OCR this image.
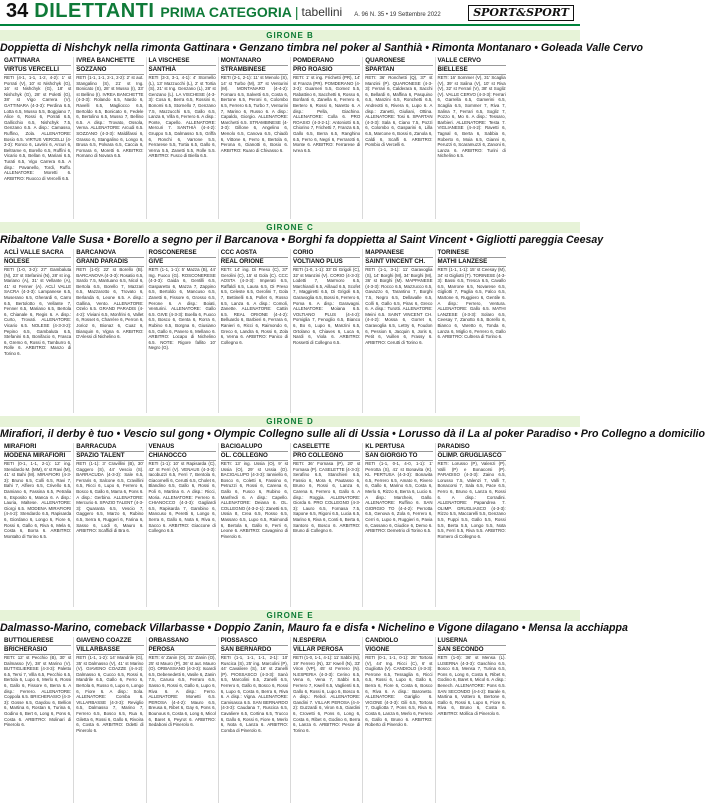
34 DILETTANTI PRIMA CATEGORIA | tabellini A. 96 N. 35 • 19 Settembre 2022	SPORT&SPORT
GIRONE B
Doppietta di Nishchyk nella rimonta Gattinara • Genzano timbra nel poker al Santhià • Rimonta Montanaro • Goleada Valle Cervo
GATTINARA
VIRTUS VERCELLI
RETI (4-1, 1-1, 1-2, 4-2): 1' st Porrati (V), 10' st Nishchyk (G), 16' st Nishchyk (G), 18' st Nishchyk (G), 28' st Poletti (G), 38' st Vigo Carrera (V). GATTINARA (4-3-3): Perdina 6.5, Lotta 6.5, Musso 5.5, Boggiano 7, Alice 6, Rossi 6, Porrati 6.5, Gallicchio 6.5, Nishchyk 7.5, Genzano 6.5. A disp.: Camasso, Ruffino, Zola. ALLENATORE: Bosio 6.5. VIRTUS VERCELLI (4-3-3): Ronco 6, Lavrini 6, Arcuri 6, Beltrame 6, Borello 6.5, Ruffini 6, Vicario 6.5, Bellan 6, Mariani 6.5, Turati 6.5, Vigo Carrera 6.5. A disp.: Pavanello, Tordi, Ruffo. ALLENATORE: Moretti 6. ARBITRO: Ruocco di Vercelli 6.5.
IVREA BANCHETTE
SOZZANO
RETI (1-1, 1-1, 2-1, 2-2): 2' st aut. Stangalino (S), 21' st Ing. Bonicato (S), 28' st Musso (I), 33' st Bellino (I). IVREA BANCHETTE (4-3-3): Rolando 6.5, Nardo 6, Ravelli 6.5, Magliocco 6.5, Bertoldo 6.5, Bonicato 6, Fedele 6, Bertolino 6.5, Musso 7, Bellino 6.5. A disp.: Trovato, Ossola, Verna. ALLENATORE: Arcudi 6.5. SOZZANO (4-3-3): Maldifassi 6, Grasso 6, Stangalino 6, Longo 6, Brusa 6.5, Polvara 6.5, Caccia 6, Fornara 6, Moretti 6. ARBITRO: Romano di Novara 6.5.
LA VISCHESE
SANTHIÀ
RETI (3-3, 3-1, 4-1): 4' Stornello (L), 13' Mazzucchi (L), 2' st Tortia (S), 21' st Ing. Genzano (L), 28' st Genzano (L). LA VISCHESE (4-3-3): Cosa 6, Berra 6.5, Rossini 6, Bonomi 6.5, Stornello 7, Genzano 7.5, Mazzucchi 6.5, Gallo 6.5, Lanza 6, Villa 6, Ferrero 6. A disp.: Ponte, Capello. ALLENATORE: Mercuri 7. SANTHIÀ (4-4-2): Gruppo 5.5, Dalmasso 5.5, Griffa 6, Ronchi 6, Varrone 5.5, Ferrarese 5.5, Tortia 6.5, Gallo 6, Verna 5.5, Zanetti 5.5, Rolle 5.5. ARBITRO: Fusco di Biella 6.5.
MONTANARO
STRAMBINESE
RETI (2-1, 2-1): 11' st Menolo (S), 14' st Turbo (M), 37' st Venturini (M). MONTANARO (4-4-2): Fornaro 6.5, Salvetti 6.5, Costa 6, Bertone 6.5, Peroni 6, Colombo 6.5, Ferrero 6.5, Turbo 7, Venturini 7, Marino 6, Russo 6. A disp.: Capaldo, Giorgio. ALLENATORE: Marchetti 6.5. STRAMBINESE (4-3-3): Gillone 6, Angelino 6, Menolo 6.5, Canova 6.5, Chiadò 6, Vittone 6, Ferro 6, Bertola 6, Perona 6, Gianotti 6, Bosio 6. ARBITRO: Ruaro di Chivasso 6.
POMDERANO
PRO ROASIO
RETI: 1' st ing. Frichetti (PR), 14' st Franza (PR). POMDERANO (4-3-3): Guarneri 5.5, Gomez 5.5, Rabattino 6, Sacchetti 6, Rosso 6, Bonfanti 6, Zanella 6, Ferrero 6, Bertero 6, Rossi 6, Naretto 6. A disp.: Pella, Giachino. ALLENATORE: Colla 6. PRO ROASIO (4-3-2-1): Antoniotti 6.5, Chiorino 7, Frichetti 7, Franza 6.5, Gallo 6.5, Berra 6.5, Ranghino 6.5, Ferro 6, Negri 6, Ferrarotti 6, Monte 6. ARBITRO: Ferrarese di Ivrea 6.5.
QUARONESE
SPARTAN
RETI: 36' Ronchetti (Q), 37' st Manzini (P). QUARONESE (4-3-3): Ferrari 6, Calderara 6, Sacchi 6, Bellardi 6, Maffina 6, Pasquino 6.5, Manzini 6.5, Ronchetti 6.5, Andreotti 6, Rivera 6, Lupo 6. A disp.: Zanetti, Giuliani, Ottina. ALLENATORE: Tosi 6. SPARTAN (4-3-3): Sala 6, Ciano 7.5, Pozzi 6, Colombo 6, Gasparini 6, Lilla 6.5, Marcone 6, Bossi 6, Zanola 6, Caldi 6, Scalfi 6. ARBITRO: Pombio di Vercelli 6.
VALLE CERVO
BIELLESE
RETI: 16' Sommer (V), 31' Scaglia (V), 39' st Salina (V), 10' st Riva (V), 32' st Ferrari (V), 38' st Sogliz (V). VALLE CERVO (4-3-3): Ferrari 6, Garrella 6.5, Gamerini 6.5, Scaglia 6.5, Sommer 7, Riva 7, Salina 7, Ferrari 6.5, Sogliz 7, Pozzo 6, Mo 6. A disp.: Tessaro, Barbieri. ALLENATORE: Testa 7. VIGLIANESE (4-4-2): Ravetti 6, Tagnal 6, Berta 6, Sabbia 6, Roberto 6, Moia 6.5, Gianni 6, Peruzzi 6, Scaramuzzi 6, Zanoni 6, Lanza 6. ARBITRO: Turini di Nichelino 6.5.
GIRONE C
Ribaltone Valle Susa • Borello a segno per il Barcanova • Borghi fa doppietta al Saint Vincent • Gigliotti pareggia Ceesay
ACLÌ VALLE SACRA
NOLESE
RETI (1-0, 3-2): 27' Gambaluta (N), 23' st Stefanini (N), 28' st ing. Mariano (A), 31' st Vellante (A), 41' st Fenner (A). ACLÌ VALLE SACRA (4-3-3): Lampanese 6.5, Muserano 6.5, Gherardi 6, Carro 6.5, Bertolotto 6, Vellante 7, Fenner 6.5, Mariano 6.5, Bertola 6, Chianale 6, Regis 6. A disp.: Curto, Trovati. ALLENATORE: Vicario 6.5. NOLESE (4-3-3-2): Pepino 6.5, Gambaluta 6.5, Stefanini 6.5, Bonifacio 6, Frasca 6, Gremo 6, Rossi 6, Tamburro 6, Rolle 6. ARBITRO: Manzo di Torino 6.
BARCANOVA
GRAND PARADIS
RETI (1-0): 22' st Borello (B). BARCANOVA (4-3-3): Rosatio 6.5, Sardo 7.5, Mantuano 6.5, Nicol 6, Bertola 6.5, Borello 7, Mazzari 6.5, Mazzarotto 6, Trovato 6, Berlanda 6, Leone 6.5. A disp.: Gallina, Vento. ALLENATORE: Ozelo 6.5. GRAND PARADIS (4-4-2): Viviani 6.5, Monfrini 6, Vallet 6, Rosset 6, Charrère 6, Perron 6, Jorioz 6, Bionaz 6, Cuaz 6, Bianquin 6, Vigna 6. ARBITRO: D'Alessi di Nichelino 6.
ROSCONERESE
GIVE
RETI (1-1, 1-1): 5' Mazza (B), 44' Ing. Fuoco (G). ROSCONERESE (4-3-3): Gaida 6, Gentilli 6.5, Gasparetto 6, Mazza 7, Zappino 6.5, Bertoldo 6, Mancuso 6.5, Zanetti 6, Fissore 6, Grosso 6.5, Perone 6. A disp.: Boiati, Venturini. ALLENATORE: Gallo 6.5. GIVE (4-3-3): Boella 6, Fuoco 6.5, Bosco 6, Genta 6, Rorra 6, Rubino 6.5, Borgna 6, Giusiano 6.5, Gallo 6, Panero 6, Mellano 6. ARBITRO: Locapo di Nichelino 6.5. NOTE: Rigore fallito 10' Negro (G).
CCC AOSTA
REAL ORIONE
RETI: 14' ing. Di Preso (C), 37' Gerolini (C), 15' st Gola (C). CCC AOSTA (4-3-3): Imperati 6.5, Raffaldi 6.5, Laura 6.5, Di Preso 6.5, Celeste 6.5, Gerolini 7, Gola 7, Bettinelli 6.5, Pollet 6, Rosso 6.5, Lanza 6. A disp.: Comoli, Zanette. ALLENATORE: Cattin 6.5. REAL ORIONE (4-4-2): Belluardo 6, Barbieri 6, Ferrara 6, Ranieri 6, Ricci 6, Raimondo 6, Greco 6, Landra 6, Rossi 6, Zola 6, Verna 6. ARBITRO: Panico di Collegno 6.
CORIO
VOLTIANO PLUS
RETI (1-0, 1-1): 33' Di Grigoli (C), 32' st Manzini (V). CORIO (4-3-3): Lodetti 7, Marmoro 6.5, Marchiandi 6.5, Aillaud 6.5, Scofet 7, Maggiretti 6.5, Di Grigoli 6.5, Garavoglia 6.5, Bossi 6, Ferrero 6, Poma 6. A disp.: Garavagni. ALLENATORE: Moiana 6.5. VOLTIANO PLUS (4-4-2): Pomiglia 7, Fenoglio 6.5, Bianco 6, Bo 6, Lupo 6, Manzini 6.5, Ortolano 6, Chiaves 6, Luca 6, Nardi 6, Viola 6. ARBITRO: Rossetti di Collegno 6.5.
MAPPANESE
SAINT VINCENT CH.
RETI (1-1, 3-1): 11' Garavoglia (S), 14' Borghi (M), 34' Borghi (M), 36' st Borghi (M). MAPPANESE (4-3-3): Rocco 6.5, Mazzucco 6.5, Gavazzo 6, Tarantino 7, Borghi 7.5, Negro 6.5, Dellavalle 6.5, Colli 6, Gallo 6.5, Piras 6, Greco 6. A disp.: Turotti. ALLENATORE: Meini 6.5. SAINT VINCENT CH. (4-4-2): Mossa 6, Gorret 6, Garavoglia 6.5, Lettry 6, Foudon 6, Pession 6, Jacquin 6, Joris 6, Petit 6, Vuillen 6, Frassy 6. ARBITRO: Cerutti di Torino 6.
TORINESE
MATHI LANZESE
RETI (1-1, 1-1): 15' st Ceesay (M), 34' st Gigliotti (T). TORINESE (4-3-3): Bassi 6.5, Tresca 6.5, Cavallo 6.5, Marrone 6.5, Novarese 6.5, Gigliotti 7, Paglia 6.5, Falco 6.5, Martone 6, Ruggiero 6, Gentile 6. A disp.: Ferrero, Ventura. ALLENATORE: Gallo 6.5. MATHI LANZESE (4-3-3): Solaro 6.5, Ceesay 7, Zanotto 6.5, Borello 6, Bianco 6, Varetto 6, Tonda 6, Lanza 6, Miglio 6, Ferrero 6, Gallo 6. ARBITRO: Cultrera di Torino 6.
GIRONE D
Mirafiori, il derby è tuo • Vescio sul gong • Olympic Collegno sulle ali di Ussia • Lorusso dà il La al poker Paradiso • Pro Collegno a domicilio
MIRAFIORI
MODENA MIRAFIORI
RETI (0-1, 1-1, 2-1): 12' ing. Stendardo M. (MM), 6' st Ravi (M), 41' st Bahi (M). MIRAFIORI (4-3-3): Bruno 6.5, Colli 6.5, Ravi 7, Bahi 7, Alfiero 6.5, Crivello 6.5, Damiano 6, Fassina 6.5, Petralia 6, Esposito 6, Manca 6. A disp.: Lauria, Maltese. ALLENATORE: Giorgi 6.5. MODENA MIRAFIORI (4-4-2): Stendardo 6.5, Rapisarda 6, Giordano 6, Longo 6, Fiore 6, Rossi 6, Gallo 6, Riva 6, Mela 6, Costa 6, Borra 6. ARBITRO: Montalto di Torino 6.5.
BARRACUDA
SPAZIO TALENT
RETI (1-1): 3' Cravillini (B), 30' Gaggero (S), 44' Vescio (S). BARRACUDA (4-3-3): Sale 6.5, Ferraris 6, Salcone 6.5, Cravillini 6.5, Ricci 6, Lupo 6, Ferrero 6, Bosco 6, Gallo 6, Marra 6, Pons 6. A disp.: Gerbino. ALLENATORE: Mercurio 6. SPAZIO TALENT (4-3-3): Quaranta 6.5, Vescio 7, Gaggero 6.5, Marzo 6, Rubino 6.5, Serra 6, Ruggeri 6, Farina 6, Sasso 6, Lodi 6, Mauro 6. ARBITRO: Scaffidi di Bra 6.
VENAUS
CHIANOCCO
RETI (1-1): 10' st Rapisarda (C), 42' st Ferri (V). VENAUS (4-3-3): Iacobuzzi 6.5, Ferri 7, Bentola 6, Giacomelli 6, Cerutti 6.5, Cholet 6, Blandino 6.5, Gallo 6, Rossi 6, Poli 6, Martina 6. A disp.: Ricci, Moria. ALLENATORE: Ferrero 6. CHIANOCCO (4-3-3): Gagliardi 6.5, Rapisarda 7, Gambino 6, Mancuso 6, Peretti 6, Longo 6, Serra 6, Gallo 6, Nota 6, Riva 6, Sacco 6. ARBITRO: Giaccone di Collegno 6.5.
BACIGALUPO
OL. COLLEGNO
RETI: 13' ing. Ussia (O), 9' st Ussia (O), 29' st Ussia (O). BACIGALUPO (4-3-3): Ianniello 6, Bosco 6, Coletti 6, Fassino 6, Petruzzi 6, Rossi 6, Carena 6, Gallo 6, Fusco 6, Rubino 6, Manfredi 6. A disp.: Capello. ALLENATORE: Deiana 6. OL. COLLEGNO (4-3-2-1): Zanetti 6.5, Ussia 8, Crea 6.5, Rosso 6.5, Massaro 6.5, Lupo 6.5, Raimondi 6, Bertola 6, Gallo 6, Ferri 6, Leone 6. ARBITRO: Cavagnino di Pinerolo 6.
CASELETTE
PRO COLLEGNO
RETI: 36' Fornasa (P), 20' st Fornasa (P). CASELETTE (4-3-3): Serafino 6.5, Stanchieri 6.5, Fassio 6, Mora 6, Pautasso 6, Bruno 6, Rossi 6, Lanza 6, Carena 6, Ferrero 6, Gallo 6. A disp.: Roggia. ALLENATORE: Giorda 6. PRO COLLEGNO (4-3-3): Lauro 6.5, Fornasa 7.5, Sapone 6.5, Rigoni 6.5, Lucia 6.5, Marino 6, Riva 6, Conti 6, Berta 6, Santoro 6, Bosco 6. ARBITRO: Bruno di Collegno 6.
KL PERTUSA
SAN GIORGIO TO
RETI (1-1, 0-1, 4-0, 1-1): 1' Perrotta (S), 41' st Bonavita (K). KL PERTUSA (4-3-3): Bonavita 6.5, Ferrero 6.5, Amato 6, Rivero 6, Gallo 6, Marino 6.5, Costa 6, Merlo 6, Rizzo 6, Berra 6, Lucio 6. A disp.: Marcheis, Gallo. ALLENATORE: Ruffino 6. SAN GIORGIO TO (4-4-2): Perrotta 6.5, Genova 6, Zola 6, Ferrero 6, Cerri 6, Lupo 6, Ruggieri 6, Pavia 6, Cassano 6, Giudice 6, Demo 6. ARBITRO: Demetrio di Torino 6.5.
PARADISO
OLIMP. GRUGLIASCO
RETI: Lorusso (P), Valenzi (P), Valli (P) e Bonacorsi (P). PARADISO (4-3-3): Zaino 6.5, Lorusso 7.5, Valenzi 7, Valli 7, Bonacorsi 7, Sala 6.5, Pace 6.5, Ferro 6, Bruno 6, Lanza 6, Rossi 6. A disp.: Corradini. ALLENATORE: Papandrea 7. OLIMP. GRUGLIASCO (4-3-3): Rizzo 5.5, Maccarelli 5.5, Genzano 5.5, Fuppi 5.5, Gallo 5.5, Rossi 5.5, Berta 5.5, Longo 5.5, Nota 5.5, Ferri 5.5, Riva 5.5. ARBITRO: Romero di Collegno 6.
GIRONE E
Dalmasso-Marino, comeback Villarbasse • Doppio Zanin, Mauro fa e disfa • Nichelino e Vigone dilagano • Mensa la acchiappa
BUTTIGLIERESE
BRICHERASIO
RETI: 12' st Pecchio (B), 30' st Dalmasso (V), 38' st Marino (V). BUTTIGLIERESE (4-3-3): Paletto 6.5, Tersi 7, Villa 6.5, Pecchio 6.5, Bertola 6, Lupo 6, Merlo 6, Rossi 6, Gallo 6, Fissore 6, Berra 6. A disp.: Ferrero. ALLENATORE: Coppola 6.5. BRICHERASIO (4-3-3): Gosse 6.5, Gaydou 6, Bellion 6, Martina 6, Rostan 6, Turina 6, Godino 6, Bert 6, Long 6, Pons 6, Costa 6. ARBITRO: Molinari di Pinerolo 6.
GIAVENO COAZZE
VILLARBASSE
RETI (1-1, 1-2): 14' Mandrile (G), 35' st Dalmasso (V), 41' st Marino (V). GIAVENO COAZZE (4-4-2): Dalmasso 6, Cucco 6.5, Rossi 6, Mandrile 6.5, Gallo 6, Ferro 6, Bertola 6, Russo 6, Lupo 6, Longo 6, Fiore 6. A disp.: Sola. ALLENATORE: Comba 6. VILLARBASSE (4-3-3): Reviglio 6.5, Dalmasso 7, Marino 7, Ferrero 6.5, Bosco 6.5, Rua 6, Giletta 6, Rossi 6, Gallo 6, Rivoira 6, Costa 6. ARBITRO: Odetti di Pinerolo 6.
ORBASSANO
PEROSA
RETI: 6' Zanin (O), 31' Zanin (O), 25' st Mauro (P), 36' st aut. Mauro (O). ORBASSANO (4-3-3): Isoardi 6.5, Debenedetti 6, Vasile 6, Zanin 7.5, Caruso 6.5, Ferraro 6.5, Sasso 6, Rossi 6, Gallo 6, Lupo 6, Riva 6. A disp.: Ferro. ALLENATORE: Monetti 6.5. PEROSA (4-4-2): Mauro 6.5, Breusa 6, Ribet 6, Gay 6, Pons 6, Bounous 6, Costa 6, Long 6, Micol 6, Baret 6, Peyrot 6. ARBITRO: Sedaboni di Pinerolo 6.
PIOSSASCO
SAN BERNARDO
RETI (1-1, 1-1, 1-1, 2-1): 10' Ruscica (S), 25' ing. Marcolini (P), 44' Cavaliere (S), 16' st Zanelli (P). PIOSSASCO (4-3-3): Sanò 6.5, Marcolini 6.5, Zanelli 6.5, Ferrero 6, Gallo 6, Bosco 6, Rossi 6, Lupo 6, Costa 6, Berra 6, Riva 6. A disp.: Vigna. ALLENATORE: Camisasca 6.5. SAN BERNARDO (4-3-3): Caudana 7, Ruscica 6.5, Cavaliere 6.5, Cortina 6.5, Trucco 6, Gallo 6, Rossi 6, Fiore 6, Merlo 6, Nota 6, Lanza 6. ARBITRO: Comba di Pinerolo 6.
N.ESPERIA
VILLAR PEROSA
RETI (1-0, 1-1, 4-1): 11' Sabbi (N), 19' Ferrero (N), 32' Kwell (N), 33' Viron (VP), 45' st Ferrero (N). N.ESPERIA (4-3-3): Cerino 6.5, Vena 6, Vena 7, Sabbi 6.5, Ferrero 7, Kwell 6.5, Vaglienti 6.5, Gallo 6, Rossi 6, Lupo 6, Bosco 6. A disp.: Rebol. ALLENATORE: Gandini 7. VILLAR PEROSA (4-4-2): Guzzardi 6, Viron 6.5, Giardini 6, Crovetti 6, Pons 6, Long 6, Costa 6, Ribet 6, Godino 6, Berra 6, Lanza 6. ARBITRO: Pesce di Torino 6.
CANDIOLO
VIGONE
RETI (0-1, 1-1, 0-1): 25' Tortora (V), 44' Ing. Ricci (C), 6' st Gugliotta (V). CANDIOLO (4-3-3): Perrone 6.5, Tessaglia 6, Ricci 6.5, Rossi 6, Lupo 6, Gallo 6, Berra 6, Fiore 6, Costa 6, Bosco 6, Riva 6. A disp.: Baronetto. ALLENATORE: Gariglio 6. VIGONE (4-3-3): Gili 6.5, Tortora 7, Gugliotta 7, Pons 6.5, Riva 6, Costa 6, Lanza 6, Merlo 6, Ferrero 6, Gallo 6, Bruno 6. ARBITRO: Roberto di Pinerolo 6.
LUSERNA
SAN SECONDO
RETI (1-0): 36' st Mensa (L). LUSERNA (4-3-3): Gaschino 6.5, Bosco 6.5, Mensa 7, Turina 6.5, Pons 6, Long 6, Costa 6, Ribet 6, Godino 6, Baret 6, Micol 6. A disp.: Benech. ALLENATORE: Pons 6.5. SAN SECONDO (4-4-2): Barale 6, Martina 6, Vottero 6, Bertone 6, Gallo 6, Rossi 6, Lupo 6, Fiore 6, Riva 6, Bruno 6, Costa 6. ARBITRO: Mollica di Pinerolo 6.
